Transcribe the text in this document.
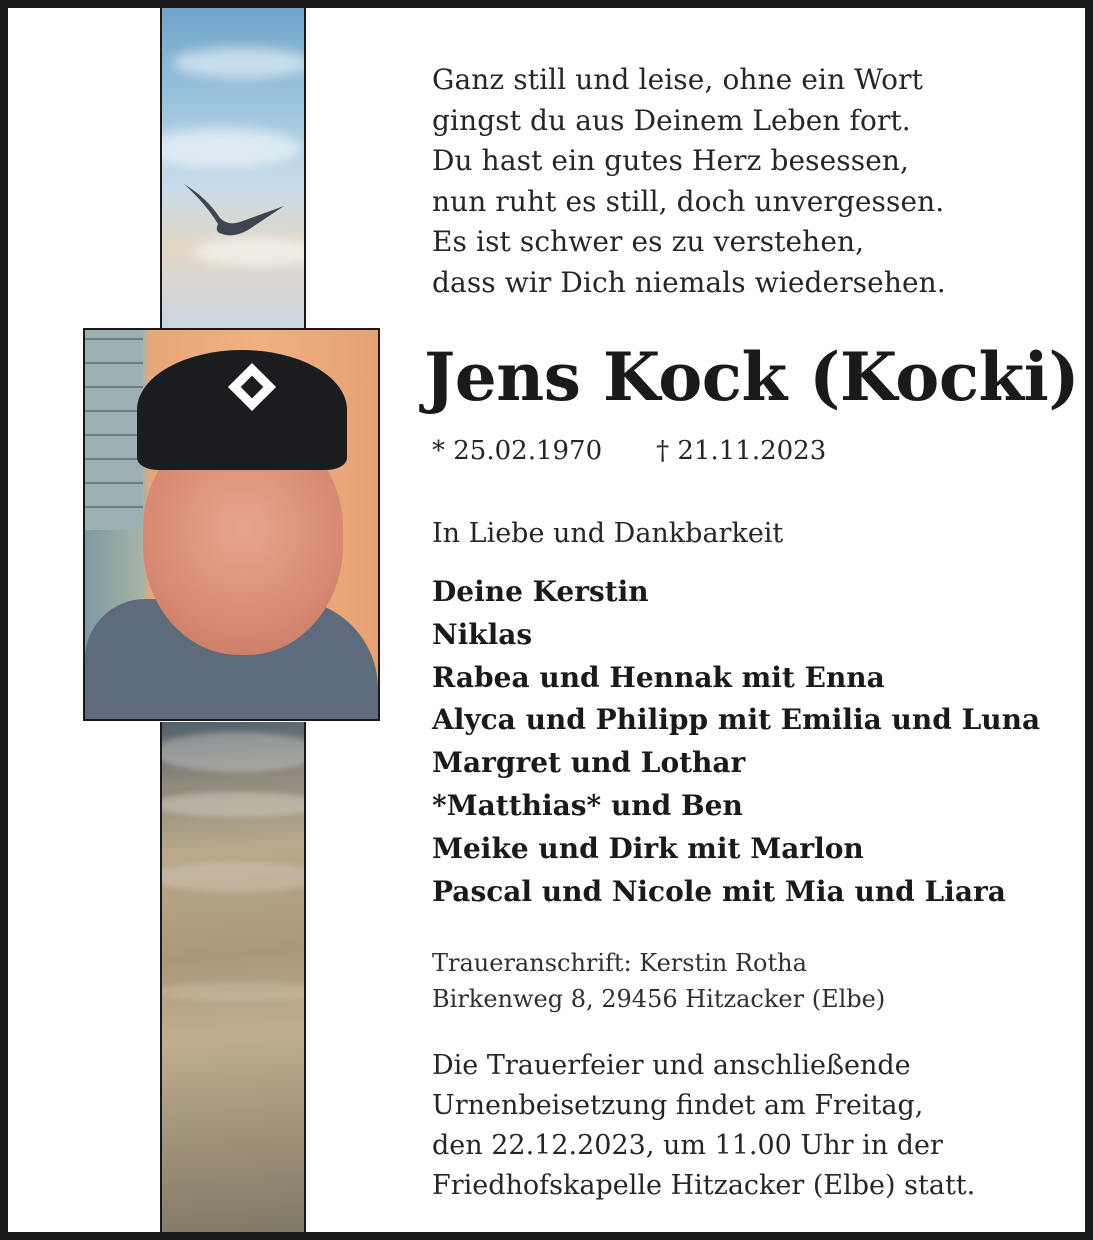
Ganz still und leise, ohne ein Wort
gingst du aus Deinem Leben fort.
Du hast ein gutes Herz besessen,
nun ruht es still, doch unvergessen.
Es ist schwer es zu verstehen,
dass wir Dich niemals wiedersehen.
Jens Kock (Kocki)
* 25.02.1970 † 21.11.2023
In Liebe und Dankbarkeit
Deine Kerstin
Niklas
Rabea und Hennak mit Enna
Alyca und Philipp mit Emilia und Luna
Margret und Lothar
*Matthias* und Ben
Meike und Dirk mit Marlon
Pascal und Nicole mit Mia und Liara
Traueranschrift: Kerstin Rotha
Birkenweg 8, 29456 Hitzacker (Elbe)
Die Trauerfeier und anschließende
Urnenbeisetzung findet am Freitag,
den 22.12.2023, um 11.00 Uhr in der
Friedhofskapelle Hitzacker (Elbe) statt.
